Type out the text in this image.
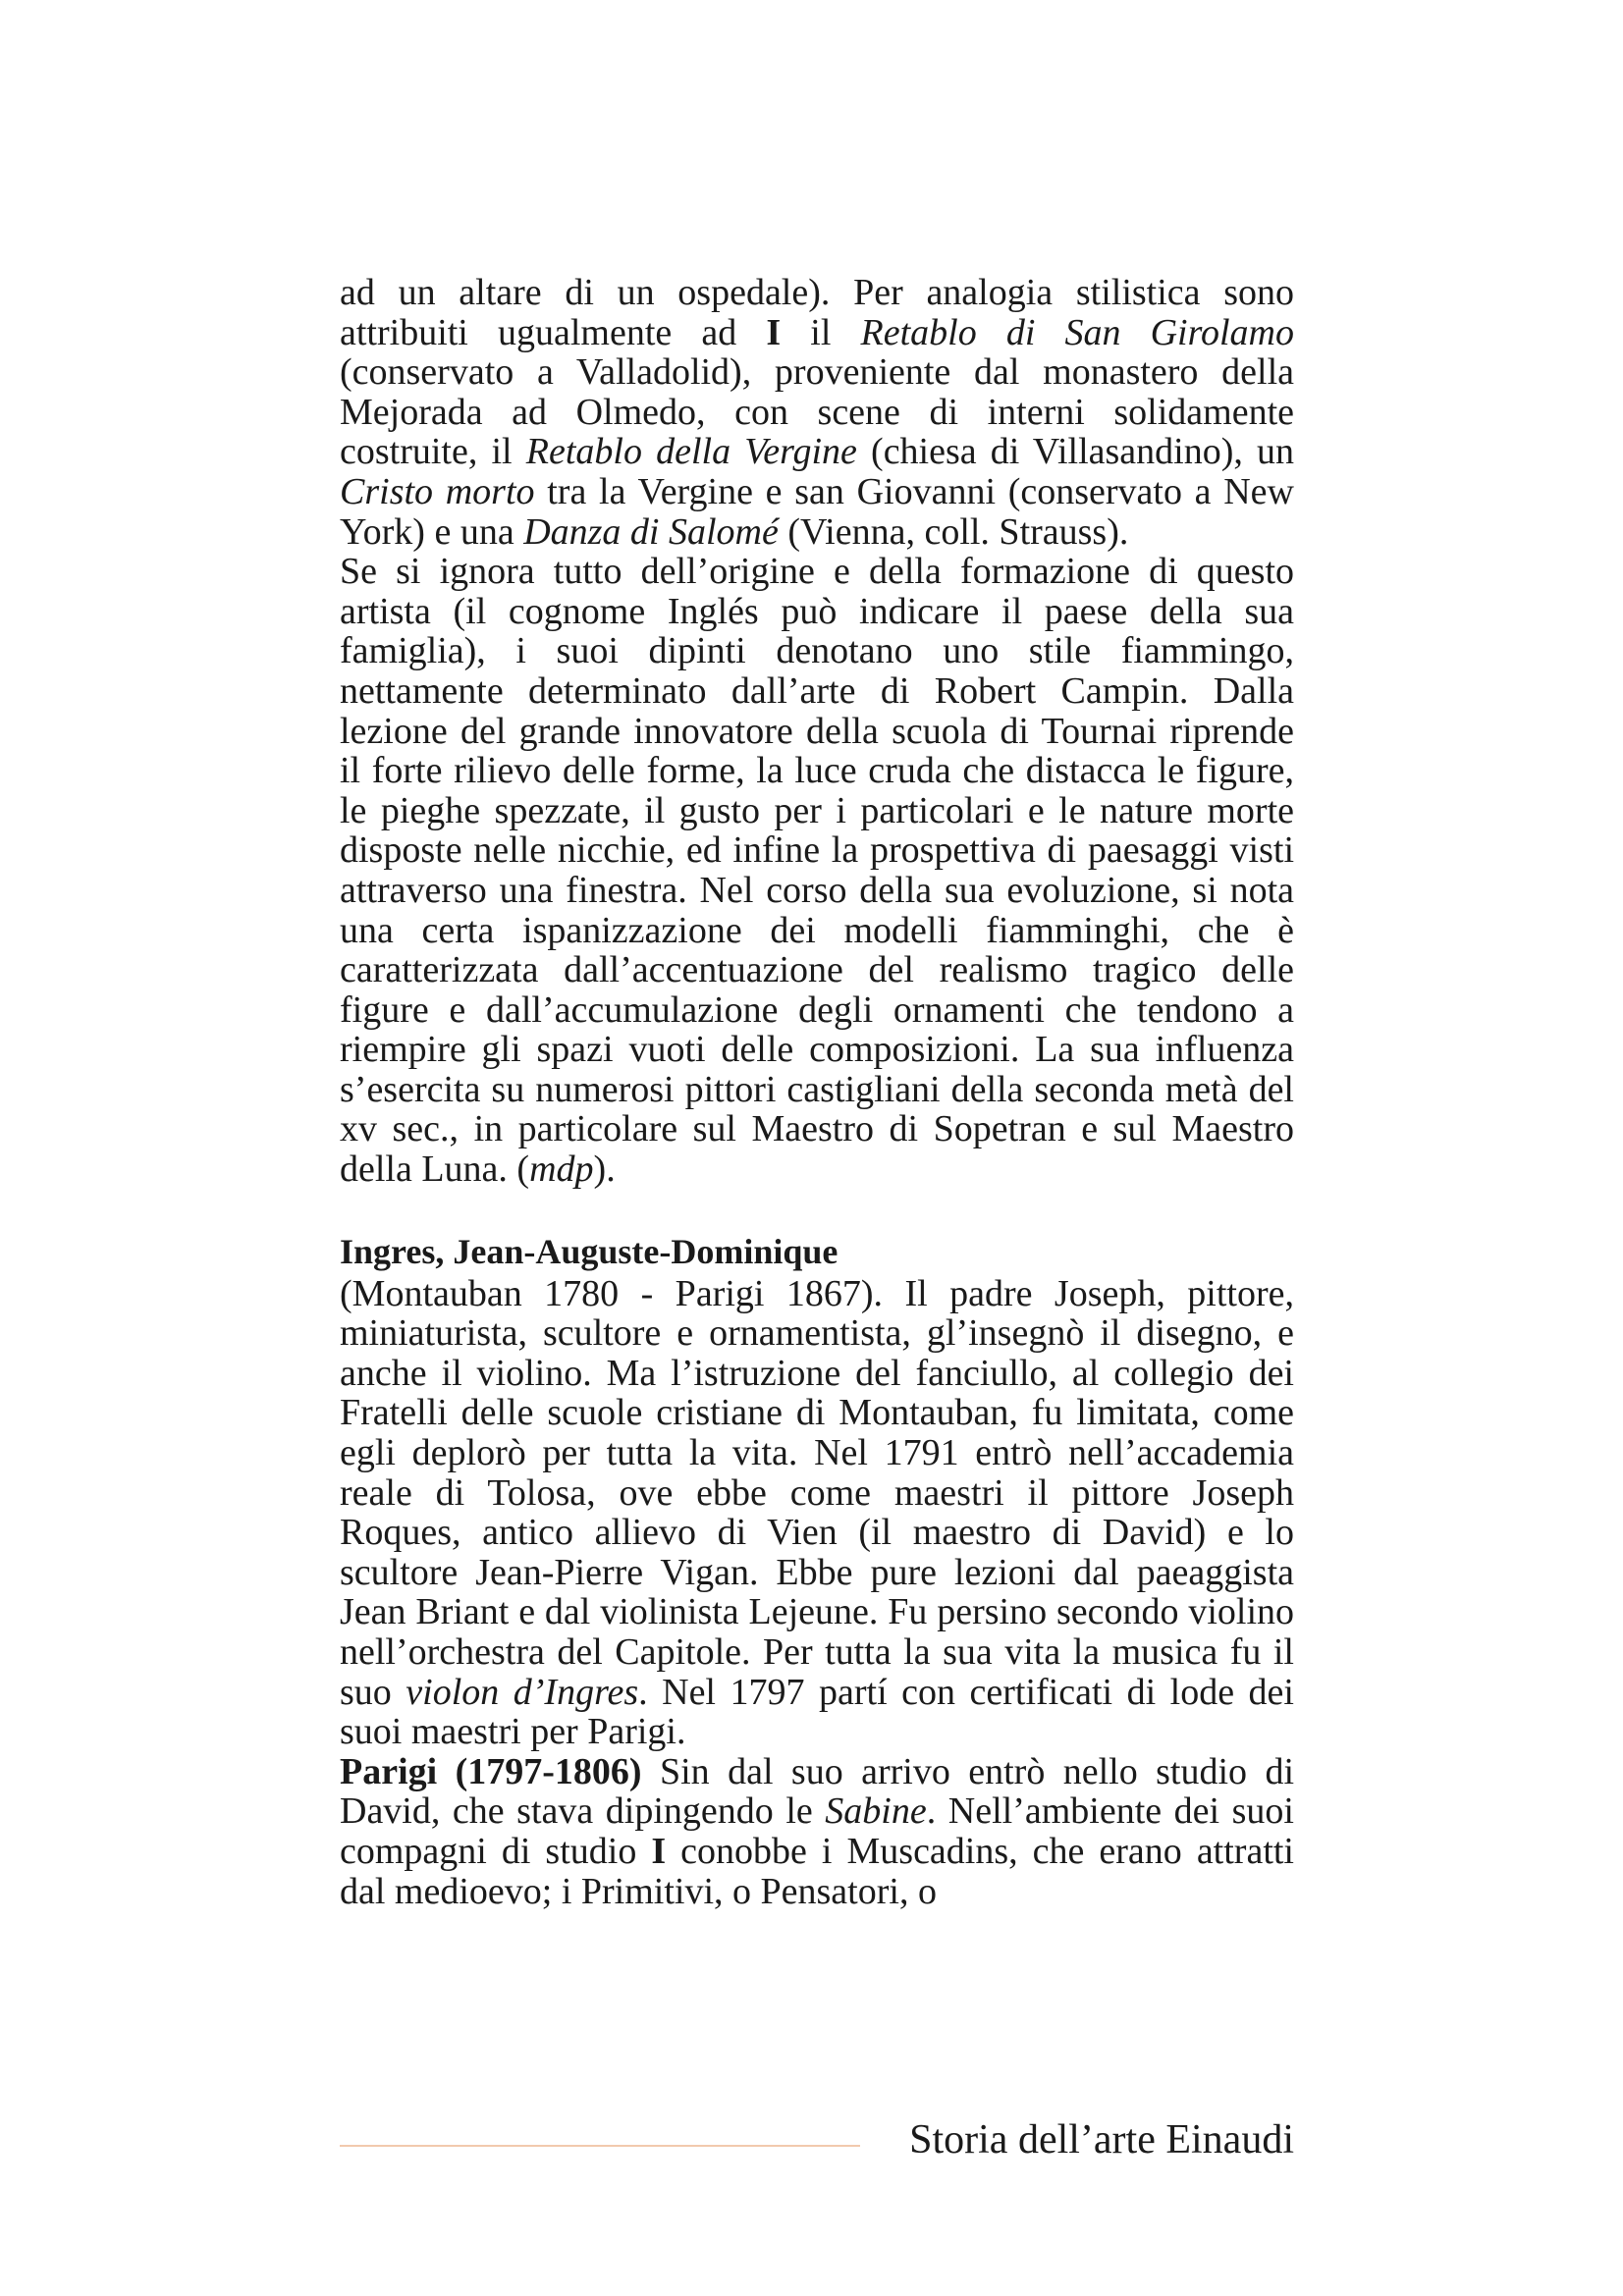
ad un altare di un ospedale). Per analogia stilistica sono attribuiti ugualmente ad I il Retablo di San Girolamo (conservato a Valladolid), proveniente dal monastero della Mejorada ad Olmedo, con scene di interni solidamente costruite, il Retablo della Vergine (chiesa di Villasandino), un Cristo morto tra la Vergine e san Giovanni (conservato a New York) e una Danza di Salomé (Vienna, coll. Strauss).

Se si ignora tutto dell’origine e della formazione di questo artista (il cognome Inglés può indicare il paese della sua famiglia), i suoi dipinti denotano uno stile fiammingo, nettamente determinato dall’arte di Robert Campin. Dalla lezione del grande innovatore della scuola di Tournai riprende il forte rilievo delle forme, la luce cruda che distacca le figure, le pieghe spezzate, il gusto per i particolari e le nature morte disposte nelle nicchie, ed infine la prospettiva di paesaggi visti attraverso una finestra. Nel corso della sua evoluzione, si nota una certa ispanizzazione dei modelli fiamminghi, che è caratterizzata dall’accentuazione del realismo tragico delle figure e dall’accumulazione degli ornamenti che tendono a riempire gli spazi vuoti delle composizioni. La sua influenza s’esercita su numerosi pittori castigliani della seconda metà del xv sec., in particolare sul Maestro di Sopetran e sul Maestro della Luna. (mdp).

Ingres, Jean-Auguste-Dominique

(Montauban 1780 - Parigi 1867). Il padre Joseph, pittore, miniaturista, scultore e ornamentista, gl’insegnò il disegno, e anche il violino. Ma l’istruzione del fanciullo, al collegio dei Fratelli delle scuole cristiane di Montauban, fu limitata, come egli deplorò per tutta la vita. Nel 1791 entrò nell’accademia reale di Tolosa, ove ebbe come maestri il pittore Joseph Roques, antico allievo di Vien (il maestro di David) e lo scultore Jean-Pierre Vigan. Ebbe pure lezioni dal paeaggista Jean Briant e dal violinista Lejeune. Fu persino secondo violino nell’orchestra del Capitole. Per tutta la sua vita la musica fu il suo violon d’Ingres. Nel 1797 partí con certificati di lode dei suoi maestri per Parigi.

Parigi (1797-1806) Sin dal suo arrivo entrò nello studio di David, che stava dipingendo le Sabine. Nell’ambiente dei suoi compagni di studio I conobbe i Muscadins, che erano attratti dal medioevo; i Primitivi, o Pensatori, o

Storia dell’arte Einaudi
